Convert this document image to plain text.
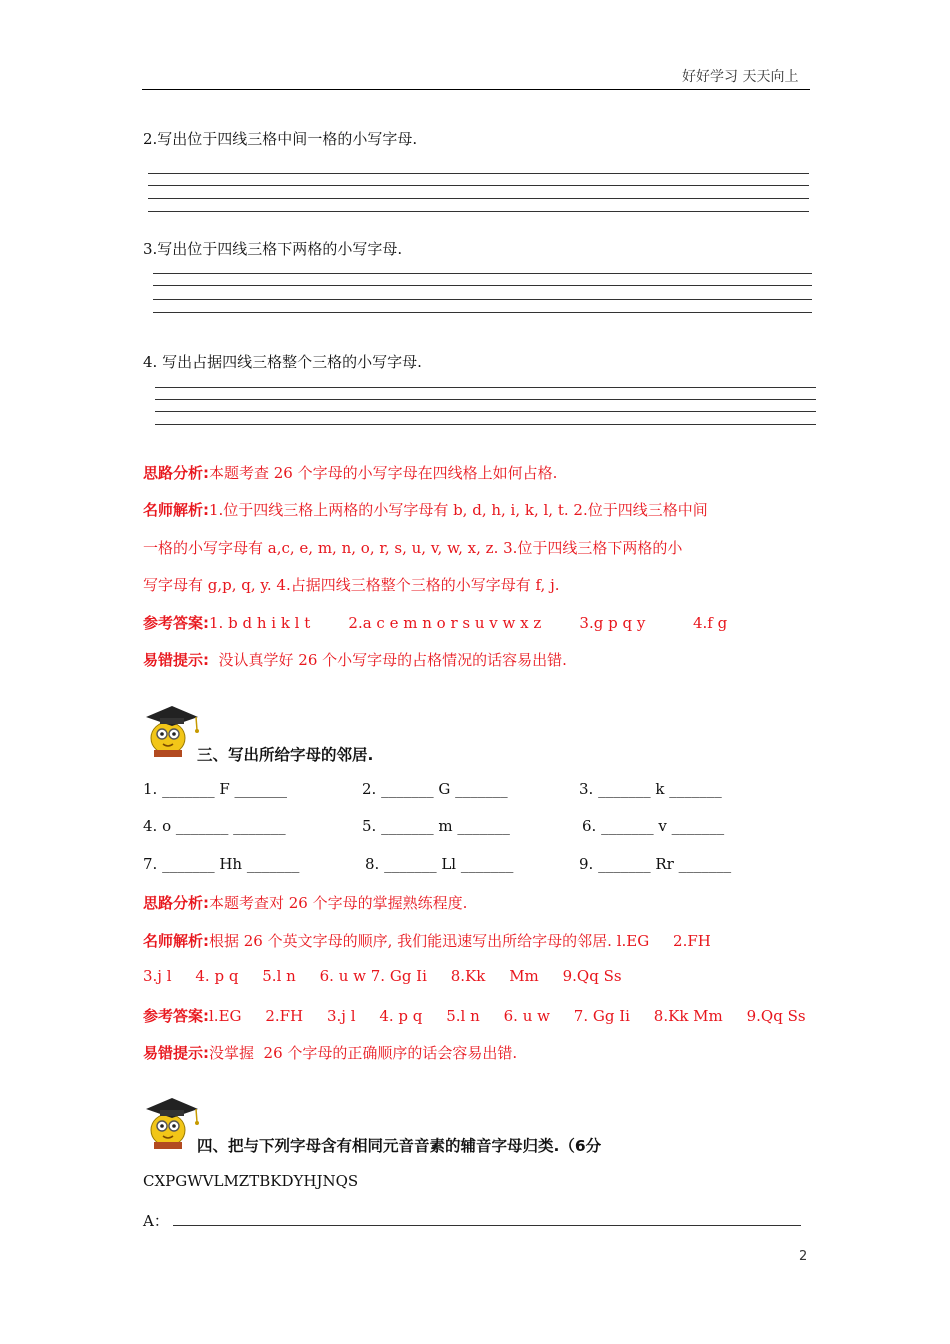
好好学习 天天向上
2.写出位于四线三格中间一格的小写字母.
3.写出位于四线三格下两格的小写字母.
4. 写出占据四线三格整个三格的小写字母.
思路分析:本题考查 26 个字母的小写字母在四线格上如何占格.
名师解析:1.位于四线三格上两格的小写字母有 b, d, h, i, k, l, t. 2.位于四线三格中间
一格的小写字母有 a,c, e, m, n, o, r, s, u, v, w, x, z. 3.位于四线三格下两格的小
写字母有 g,p, q, y. 4.占据四线三格整个三格的小写字母有 f, j.
参考答案:1. b d h i k l t        2.a c e m n o r s u v w x z        3.g p q y          4.f g
易错提示:  没认真学好 26 个小写字母的占格情况的话容易出错.
三、写出所给字母的邻居.
1. _______ F _______	2. _______ G _______	3. _______ k _______
4. o _______ _______	5. _______ m _______	6. _______ v _______
7. _______ Hh _______	8. _______ Ll _______	9. _______ Rr _______
思路分析:本题考查对 26 个字母的掌握熟练程度.
名师解析:根据 26 个英文字母的顺序, 我们能迅速写出所给字母的邻居. l.EG     2.FH
3.j l     4. p q     5.l n     6. u w 7. Gg Ii     8.Kk     Mm     9.Qq Ss
参考答案:l.EG     2.FH     3.j l     4. p q     5.l n     6. u w     7. Gg Ii     8.Kk Mm     9.Qq Ss
易错提示:没掌握  26 个字母的正确顺序的话会容易出错.
四、把与下列字母含有相同元音音素的辅音字母归类.（6分
CXPGWVLMZTBKDYHJNQS
A：
2
